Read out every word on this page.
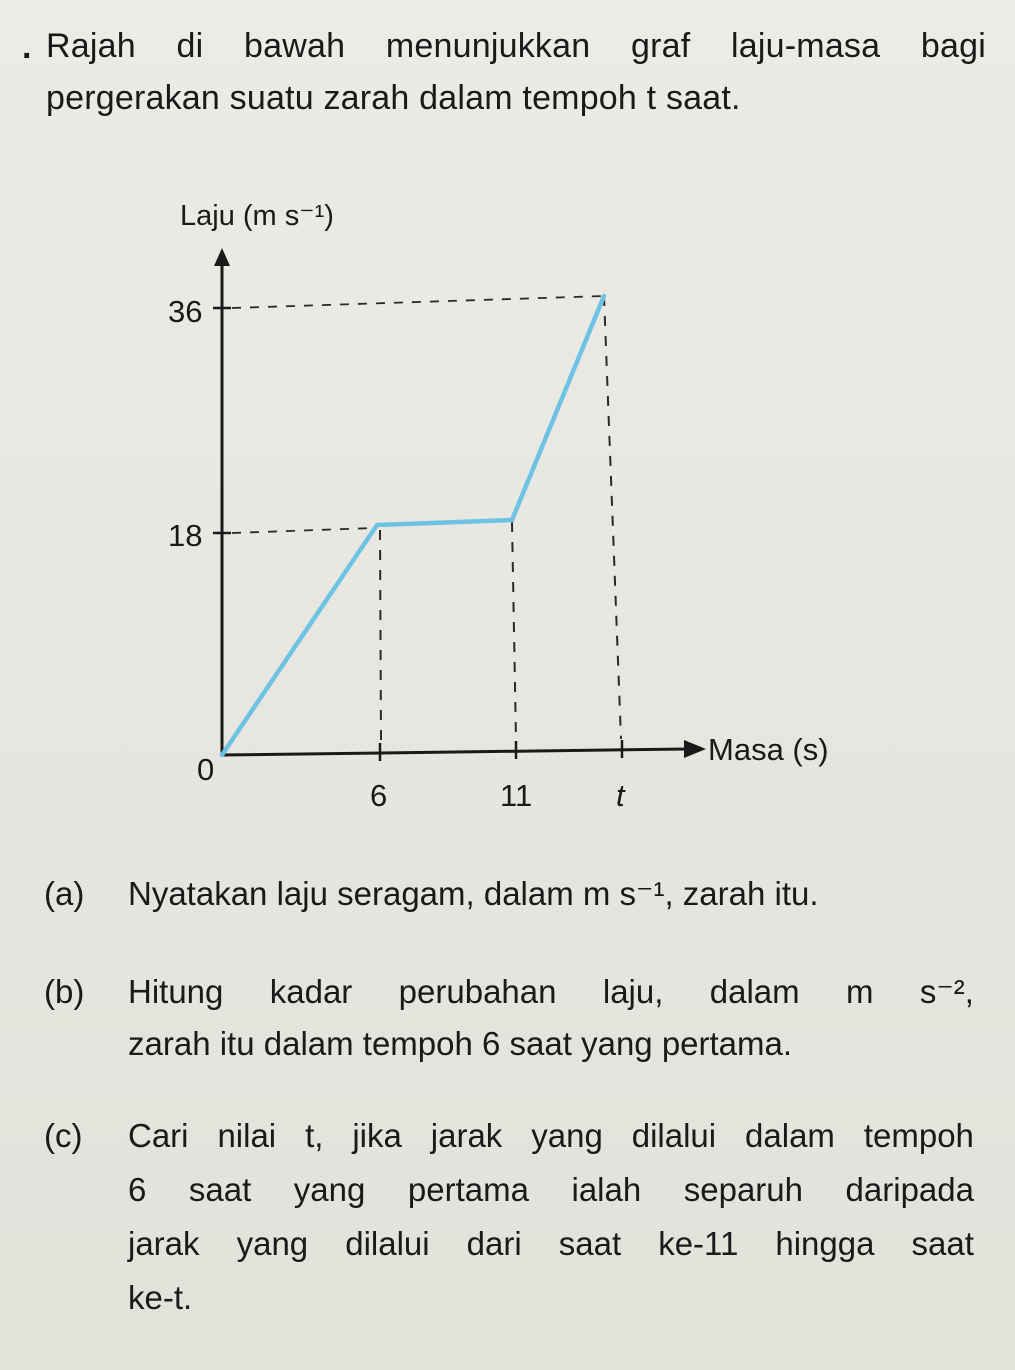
. Rajah di bawah menunjukkan graf laju-masa bagi
pergerakan suatu zarah dalam tempoh t saat.
Laju (m s⁻¹)
Masa (s)
36
18
0
6	11	t
(a) Nyatakan laju seragam, dalam m s⁻¹, zarah itu.
(b) Hitung kadar perubahan laju, dalam m s⁻²,
zarah itu dalam tempoh 6 saat yang pertama.
(c) Cari nilai t, jika jarak yang dilalui dalam tempoh
6 saat yang pertama ialah separuh daripada
jarak yang dilalui dari saat ke-11 hingga saat
ke-t.
